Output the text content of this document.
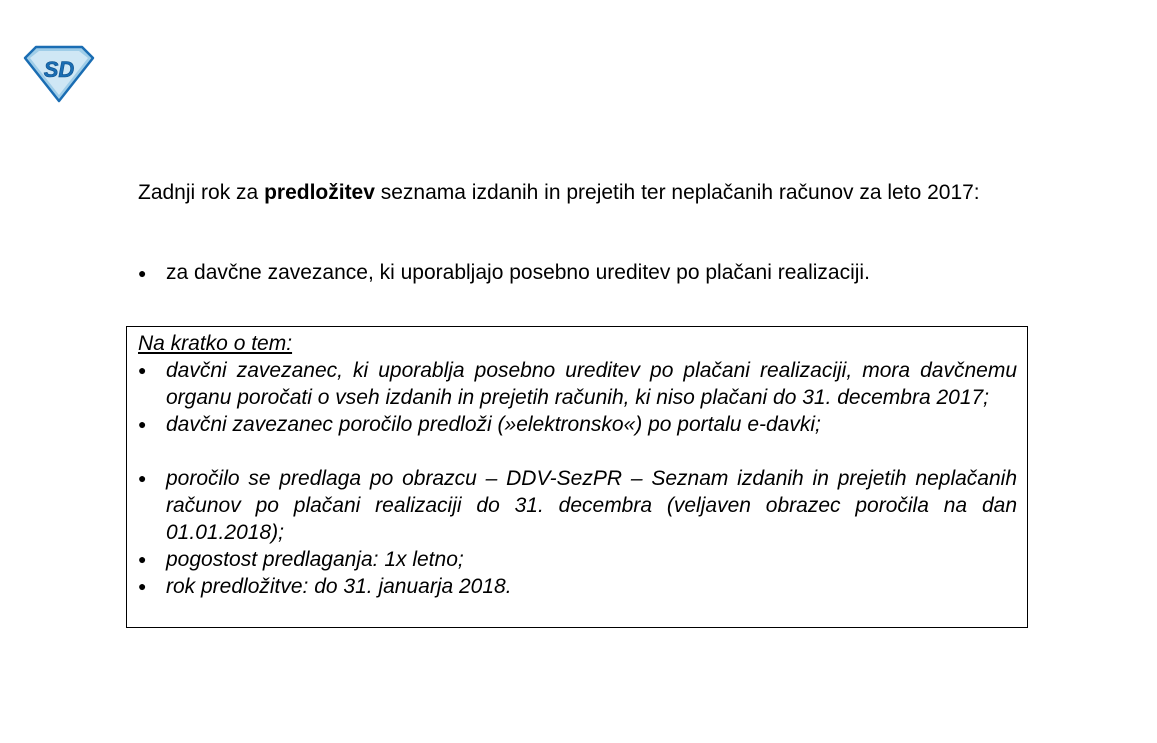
SD
Zadnji rok za predložitev seznama izdanih in prejetih ter neplačanih računov za leto 2017:
● za davčne zavezance, ki uporabljajo posebno ureditev po plačani realizaciji.
Na kratko o tem:
● davčni zavezanec, ki uporablja posebno ureditev po plačani realizaciji, mora davčnemu organu poročati o vseh izdanih in prejetih računih, ki niso plačani do 31. decembra 2017;
● davčni zavezanec poročilo predloži (»elektronsko«) po portalu e-davki;
● poročilo se predlaga po obrazcu – DDV-SezPR – Seznam izdanih in prejetih neplačanih računov po plačani realizaciji do 31. decembra (veljaven obrazec poročila na dan 01.01.2018);
● pogostost predlaganja: 1x letno;
● rok predložitve: do 31. januarja 2018.
